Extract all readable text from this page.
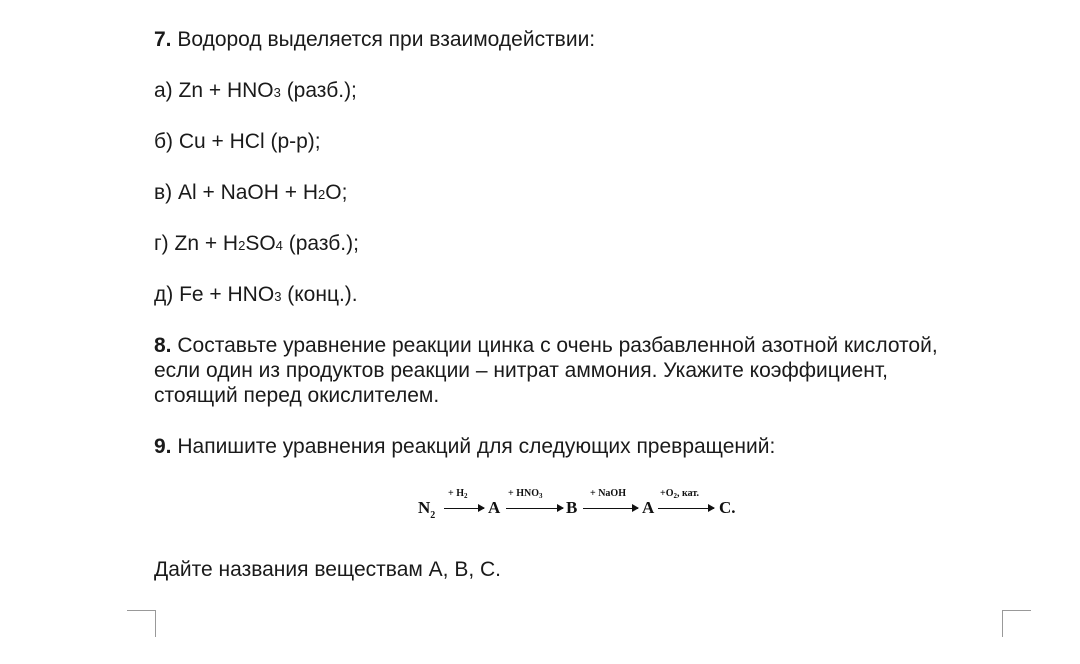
7. Водород выделяется при взаимодействии:
а) Zn + HNO3 (разб.);
б) Cu + HCl (р-р);
в) Al + NaOH + H2O;
г) Zn + H2SO4 (разб.);
д) Fe + HNO3 (конц.).
8. Составьте уравнение реакции цинка с очень разбавленной азотной кислотой,
если один из продуктов реакции – нитрат аммония. Укажите коэффициент,
стоящий перед окислителем.
9. Напишите уравнения реакций для следующих превращений:
$N_2$
+ $H_2$
→ A
+ $HNO_3$
→ B
+ NaOH
→ A
$+O_2$, кат.
→ C.
Дайте названия веществам A, B, C.
